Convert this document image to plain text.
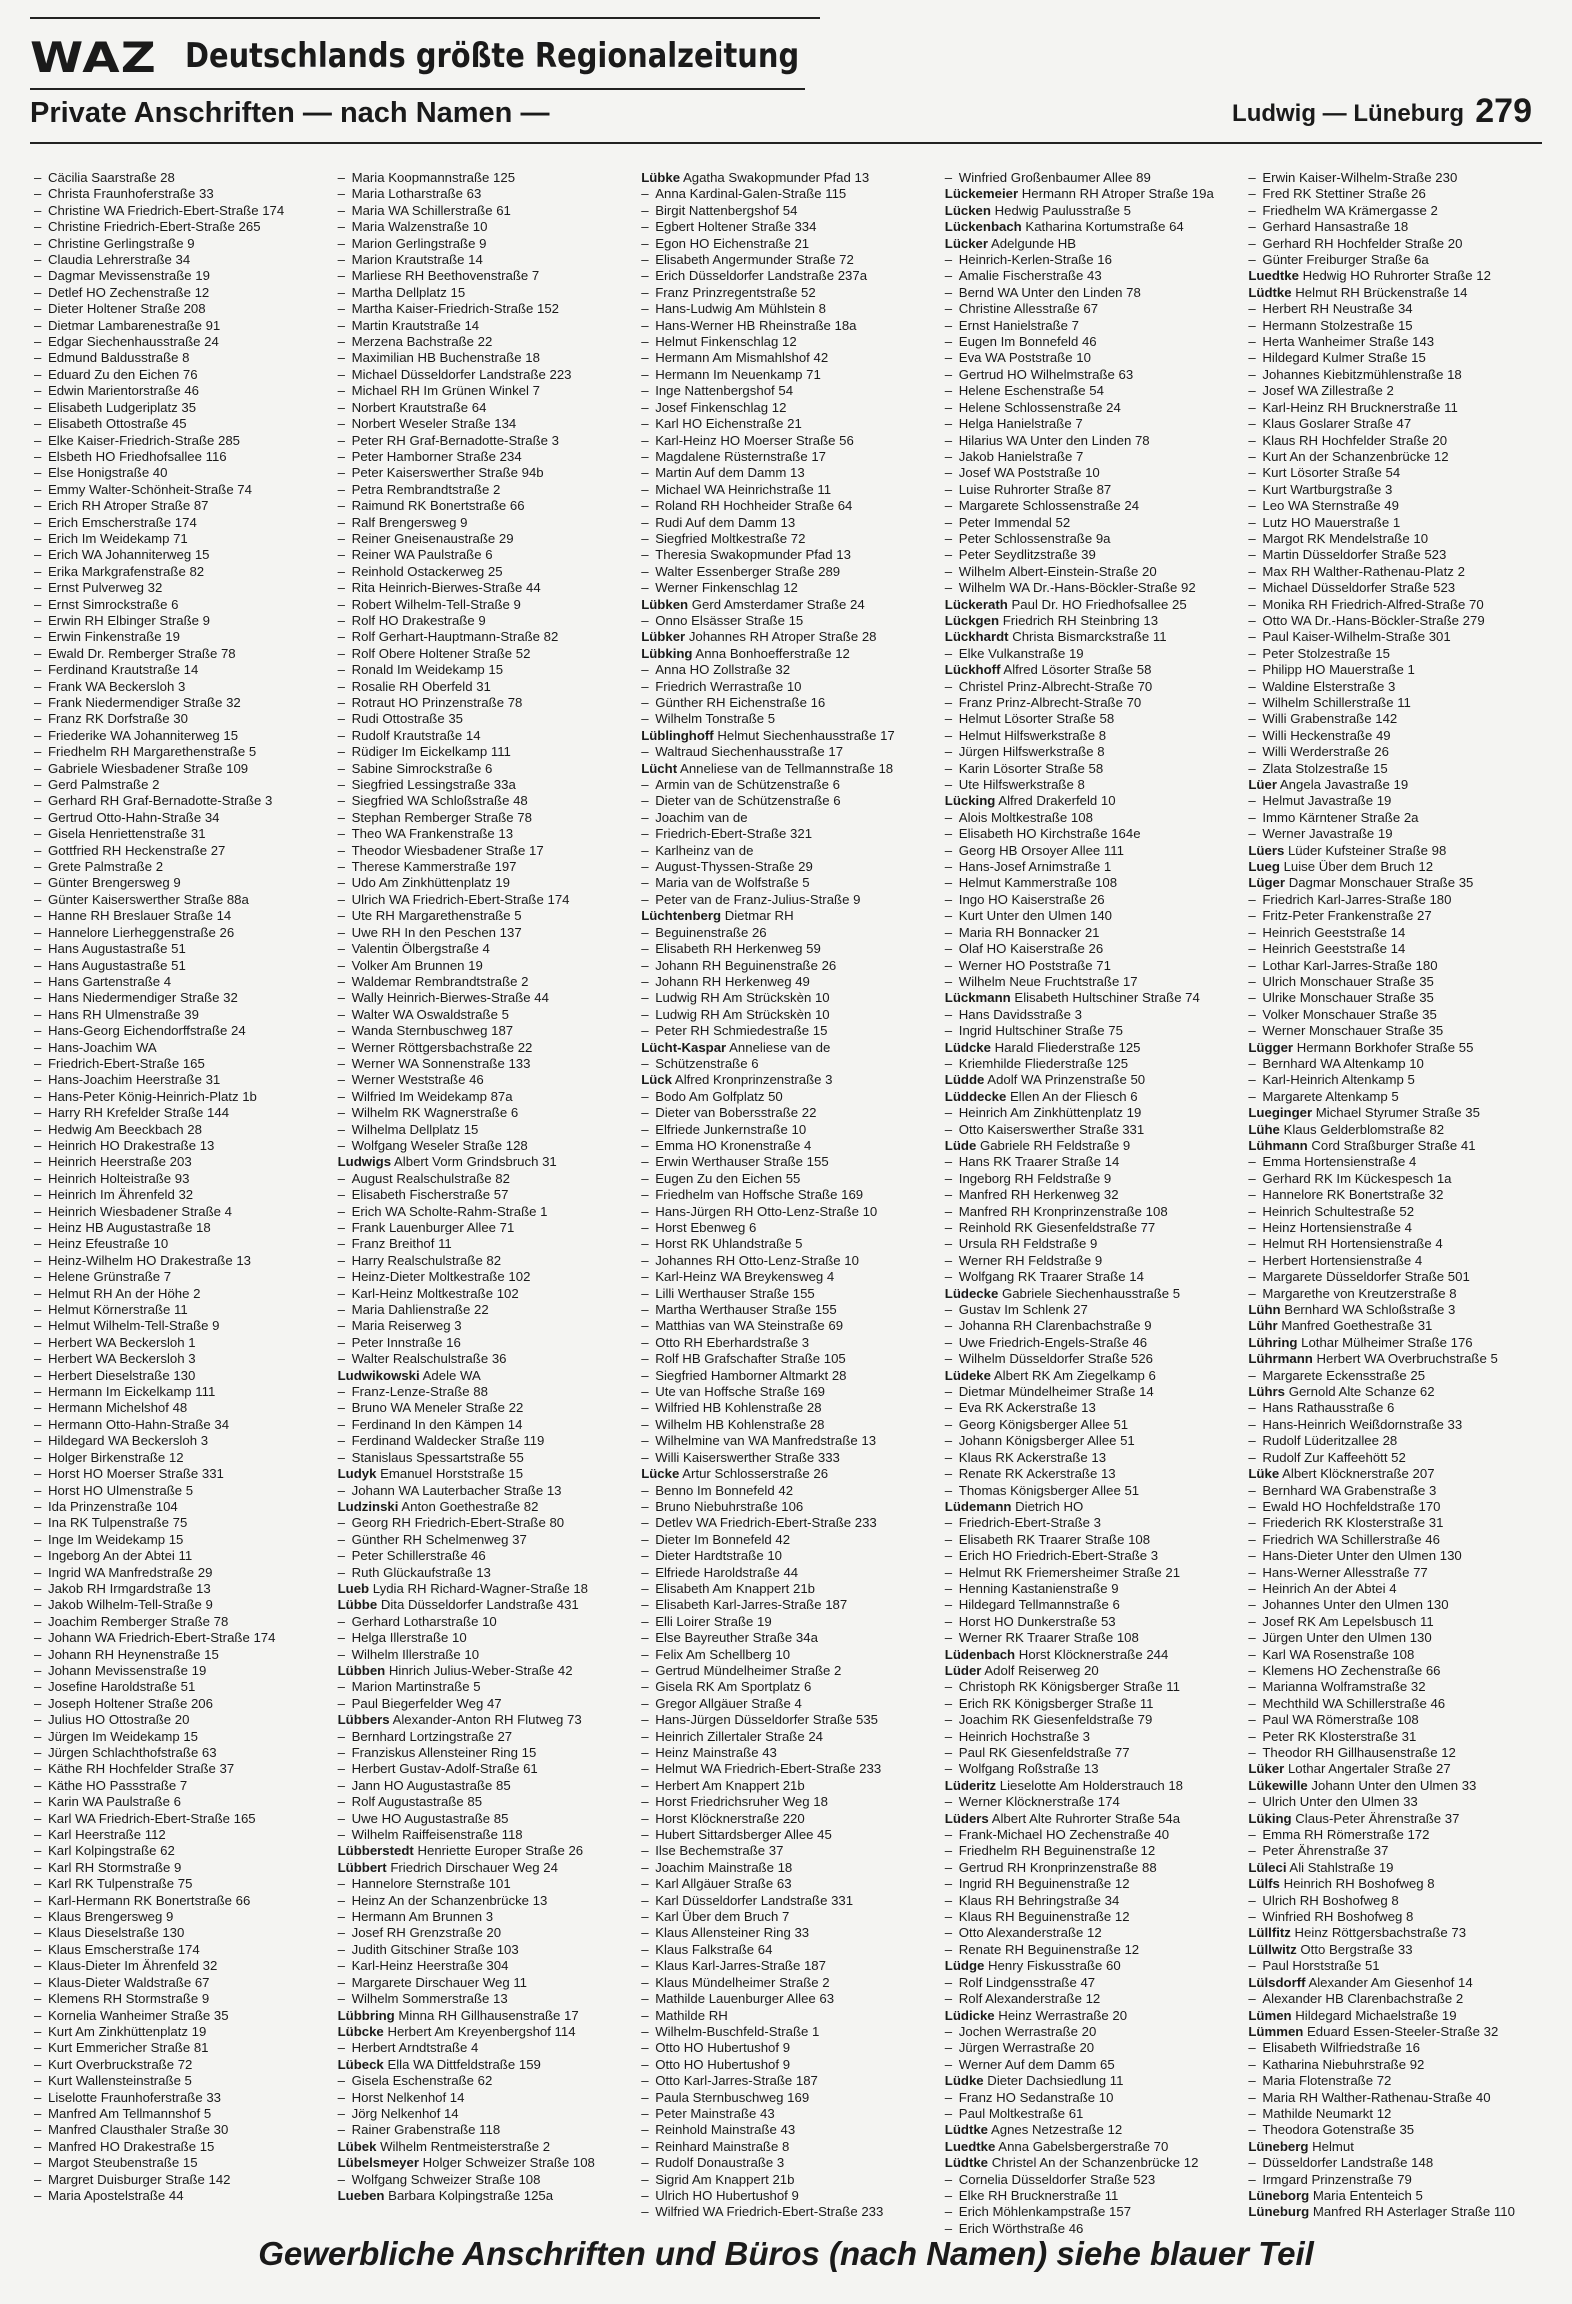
WAZ Deutschlands größte Regionalzeitung
Private Anschriften — nach Namen —	Ludwig — Lüneburg 279
– Cäcilia Saarstraße 28
– Christa Fraunhoferstraße 33
– Christine WA Friedrich-Ebert-Straße 174
– Christine Friedrich-Ebert-Straße 265
– Christine Gerlingstraße 9
– Claudia Lehrerstraße 34
– Dagmar Mevissenstraße 19
– Detlef HO Zechenstraße 12
– Dieter Holtener Straße 208
– Dietmar Lambarenestraße 91
– Edgar Siechenhausstraße 24
– Edmund Baldusstraße 8
– Eduard Zu den Eichen 76
– Edwin Marientorstraße 46
– Elisabeth Ludgeriplatz 35
– Elisabeth Ottostraße 45
– Elke Kaiser-Friedrich-Straße 285
– Elsbeth HO Friedhofsallee 116
– Else Honigstraße 40
– Emmy Walter-Schönheit-Straße 74
– Erich RH Atroper Straße 87
– Erich Emscherstraße 174
– Erich Im Weidekamp 71
– Erich WA Johanniterweg 15
– Erika Markgrafenstraße 82
– Ernst Pulverweg 32
– Ernst Simrockstraße 6
– Erwin RH Elbinger Straße 9
– Erwin Finkenstraße 19
– Ewald Dr. Remberger Straße 78
– Ferdinand Krautstraße 14
– Frank WA Beckersloh 3
– Frank Niedermendiger Straße 32
– Franz RK Dorfstraße 30
– Friederike WA Johanniterweg 15
– Friedhelm RH Margarethenstraße 5
– Gabriele Wiesbadener Straße 109
– Gerd Palmstraße 2
– Gerhard RH Graf-Bernadotte-Straße 3
– Gertrud Otto-Hahn-Straße 34
– Gisela Henriettenstraße 31
– Gottfried RH Heckenstraße 27
– Grete Palmstraße 2
– Günter Brengersweg 9
– Günter Kaiserswerther Straße 88a
– Hanne RH Breslauer Straße 14
– Hannelore Lierheggenstraße 26
– Hans Augustastraße 51
– Hans Augustastraße 51
– Hans Gartenstraße 4
– Hans Niedermendiger Straße 32
– Hans RH Ulmenstraße 39
– Hans-Georg Eichendorffstraße 24
– Hans-Joachim WA
– Friedrich-Ebert-Straße 165
– Hans-Joachim Heerstraße 31
– Hans-Peter König-Heinrich-Platz 1b
– Harry RH Krefelder Straße 144
– Hedwig Am Beeckbach 28
– Heinrich HO Drakestraße 13
– Heinrich Heerstraße 203
– Heinrich Holteistraße 93
– Heinrich Im Ährenfeld 32
– Heinrich Wiesbadener Straße 4
– Heinz HB Augustastraße 18
– Heinz Efeustraße 10
– Heinz-Wilhelm HO Drakestraße 13
– Helene Grünstraße 7
– Helmut RH An der Höhe 2
– Helmut Körnerstraße 11
– Helmut Wilhelm-Tell-Straße 9
– Herbert WA Beckersloh 1
– Herbert WA Beckersloh 3
– Herbert Dieselstraße 130
– Hermann Im Eickelkamp 111
– Hermann Michelshof 48
– Hermann Otto-Hahn-Straße 34
– Hildegard WA Beckersloh 3
– Holger Birkenstraße 12
– Horst HO Moerser Straße 331
– Horst HO Ulmenstraße 5
– Ida Prinzenstraße 104
– Ina RK Tulpenstraße 75
– Inge Im Weidekamp 15
– Ingeborg An der Abtei 11
– Ingrid WA Manfredstraße 29
– Jakob RH Irmgardstraße 13
– Jakob Wilhelm-Tell-Straße 9
– Joachim Remberger Straße 78
– Johann WA Friedrich-Ebert-Straße 174
– Johann RH Heynenstraße 15
– Johann Mevissenstraße 19
– Josefine Haroldstraße 51
– Joseph Holtener Straße 206
– Julius HO Ottostraße 20
– Jürgen Im Weidekamp 15
– Jürgen Schlachthofstraße 63
– Käthe RH Hochfelder Straße 37
– Käthe HO Passstraße 7
– Karin WA Paulstraße 6
– Karl WA Friedrich-Ebert-Straße 165
– Karl Heerstraße 112
– Karl Kolpingstraße 62
– Karl RH Stormstraße 9
– Karl RK Tulpenstraße 75
– Karl-Hermann RK Bonertstraße 66
– Klaus Brengersweg 9
– Klaus Dieselstraße 130
– Klaus Emscherstraße 174
– Klaus-Dieter Im Ährenfeld 32
– Klaus-Dieter Waldstraße 67
– Klemens RH Stormstraße 9
– Kornelia Wanheimer Straße 35
– Kurt Am Zinkhüttenplatz 19
– Kurt Emmericher Straße 81
– Kurt Overbruckstraße 72
– Kurt Wallensteinstraße 5
– Liselotte Fraunhoferstraße 33
– Manfred Am Tellmannshof 5
– Manfred Clausthaler Straße 30
– Manfred HO Drakestraße 15
– Margot Steubenstraße 15
– Margret Duisburger Straße 142
– Maria Apostelstraße 44
– Maria Koopmannstraße 125
– Maria Lotharstraße 63
– Maria WA Schillerstraße 61
– Maria Walzenstraße 10
– Marion Gerlingstraße 9
– Marion Krautstraße 14
– Marliese RH Beethovenstraße 7
– Martha Dellplatz 15
– Martha Kaiser-Friedrich-Straße 152
– Martin Krautstraße 14
– Merzena Bachstraße 22
– Maximilian HB Buchenstraße 18
– Michael Düsseldorfer Landstraße 223
– Michael RH Im Grünen Winkel 7
– Norbert Krautstraße 64
– Norbert Weseler Straße 134
– Peter RH Graf-Bernadotte-Straße 3
– Peter Hamborner Straße 234
– Peter Kaiserswerther Straße 94b
– Petra Rembrandtstraße 2
– Raimund RK Bonertstraße 66
– Ralf Brengersweg 9
– Reiner Gneisenaustraße 29
– Reiner WA Paulstraße 6
– Reinhold Ostackerweg 25
– Rita Heinrich-Bierwes-Straße 44
– Robert Wilhelm-Tell-Straße 9
– Rolf HO Drakestraße 9
– Rolf Gerhart-Hauptmann-Straße 82
– Rolf Obere Holtener Straße 52
– Ronald Im Weidekamp 15
– Rosalie RH Oberfeld 31
– Rotraut HO Prinzenstraße 78
– Rudi Ottostraße 35
– Rudolf Krautstraße 14
– Rüdiger Im Eickelkamp 111
– Sabine Simrockstraße 6
– Siegfried Lessingstraße 33a
– Siegfried WA Schloßstraße 48
– Stephan Remberger Straße 78
– Theo WA Frankenstraße 13
– Theodor Wiesbadener Straße 17
– Therese Kammerstraße 197
– Udo Am Zinkhüttenplatz 19
– Ulrich WA Friedrich-Ebert-Straße 174
– Ute RH Margarethenstraße 5
– Uwe RH In den Peschen 137
– Valentin Ölbergstraße 4
– Volker Am Brunnen 19
– Waldemar Rembrandtstraße 2
– Wally Heinrich-Bierwes-Straße 44
– Walter WA Oswaldstraße 5
– Wanda Sternbuschweg 187
– Werner Röttgersbachstraße 22
– Werner WA Sonnenstraße 133
– Werner Weststraße 46
– Wilfried Im Weidekamp 87a
– Wilhelm RK Wagnerstraße 6
– Wilhelma Dellplatz 15
– Wolfgang Weseler Straße 128
Ludwigs Albert Vorm Grindsbruch 31
– August Realschulstraße 82
– Elisabeth Fischerstraße 57
– Erich WA Scholte-Rahm-Straße 1
– Frank Lauenburger Allee 71
– Franz Breithof 11
– Harry Realschulstraße 82
– Heinz-Dieter Moltkestraße 102
– Karl-Heinz Moltkestraße 102
– Maria Dahlienstraße 22
– Maria Reiserweg 3
– Peter Innstraße 16
– Walter Realschulstraße 36
Ludwikowski Adele WA
– Franz-Lenze-Straße 88
– Bruno WA Meneler Straße 22
– Ferdinand In den Kämpen 14
– Ferdinand Waldecker Straße 119
– Stanislaus Spessartstraße 55
Ludyk Emanuel Horststraße 15
– Johann WA Lauterbacher Straße 13
Ludzinski Anton Goethestraße 82
– Georg RH Friedrich-Ebert-Straße 80
– Günther RH Schelmenweg 37
– Peter Schillerstraße 46
– Ruth Glückaufstraße 13
Lueb Lydia RH Richard-Wagner-Straße 18
Lübbe Dita Düsseldorfer Landstraße 431
– Gerhard Lotharstraße 10
– Helga Illerstraße 10
– Wilhelm Illerstraße 10
Lübben Hinrich Julius-Weber-Straße 42
– Marion Martinstraße 5
– Paul Biegerfelder Weg 47
Lübbers Alexander-Anton RH Flutweg 73
– Bernhard Lortzingstraße 27
– Franziskus Allensteiner Ring 15
– Herbert Gustav-Adolf-Straße 61
– Jann HO Augustastraße 85
– Rolf Augustastraße 85
– Uwe HO Augustastraße 85
– Wilhelm Raiffeisenstraße 118
Lübberstedt Henriette Europer Straße 26
Lübbert Friedrich Dirschauer Weg 24
– Hannelore Sternstraße 101
– Heinz An der Schanzenbrücke 13
– Hermann Am Brunnen 3
– Josef RH Grenzstraße 20
– Judith Gitschiner Straße 103
– Karl-Heinz Heerstraße 304
– Margarete Dirschauer Weg 11
– Wilhelm Sommerstraße 13
Lübbring Minna RH Gillhausenstraße 17
Lübcke Herbert Am Kreyenbergshof 114
– Herbert Arndtstraße 4
Lübeck Ella WA Dittfeldstraße 159
– Gisela Eschenstraße 62
– Horst Nelkenhof 14
– Jörg Nelkenhof 14
– Rainer Grabenstraße 118
Lübek Wilhelm Rentmeisterstraße 2
Lübelsmeyer Holger Schweizer Straße 108
– Wolfgang Schweizer Straße 108
Lueben Barbara Kolpingstraße 125a
Lübke Agatha Swakopmunder Pfad 13
– Anna Kardinal-Galen-Straße 115
– Birgit Nattenbergshof 54
– Egbert Holtener Straße 334
– Egon HO Eichenstraße 21
– Elisabeth Angermunder Straße 72
– Erich Düsseldorfer Landstraße 237a
– Franz Prinzregentstraße 52
– Hans-Ludwig Am Mühlstein 8
– Hans-Werner HB Rheinstraße 18a
– Helmut Finkenschlag 12
– Hermann Am Mismahlshof 42
– Hermann Im Neuenkamp 71
– Inge Nattenbergshof 54
– Josef Finkenschlag 12
– Karl HO Eichenstraße 21
– Karl-Heinz HO Moerser Straße 56
– Magdalene Rüsternstraße 17
– Martin Auf dem Damm 13
– Michael WA Heinrichstraße 11
– Roland RH Hochheider Straße 64
– Rudi Auf dem Damm 13
– Siegfried Moltkestraße 72
– Theresia Swakopmunder Pfad 13
– Walter Essenberger Straße 289
– Werner Finkenschlag 12
Lübken Gerd Amsterdamer Straße 24
– Onno Elsässer Straße 15
Lübker Johannes RH Atroper Straße 28
Lübking Anna Bonhoefferstraße 12
– Anna HO Zollstraße 32
– Friedrich Werrastraße 10
– Günther RH Eichenstraße 16
– Wilhelm Tonstraße 5
Lüblinghoff Helmut Siechenhausstraße 17
– Waltraud Siechenhausstraße 17
Lücht Anneliese van de Tellmannstraße 18
– Armin van de Schützenstraße 6
– Dieter van de Schützenstraße 6
– Joachim van de
– Friedrich-Ebert-Straße 321
– Karlheinz van de
– August-Thyssen-Straße 29
– Maria van de Wolfstraße 5
– Peter van de Franz-Julius-Straße 9
Lüchtenberg Dietmar RH
– Beguinenstraße 26
– Elisabeth RH Herkenweg 59
– Johann RH Beguinenstraße 26
– Johann RH Herkenweg 49
– Ludwig RH Am Strückskèn 10
– Ludwig RH Am Strückskèn 10
– Peter RH Schmiedestraße 15
Lücht-Kaspar Anneliese van de
– Schützenstraße 6
Lück Alfred Kronprinzenstraße 3
– Bodo Am Golfplatz 50
– Dieter van Bobersstraße 22
– Elfriede Junkernstraße 10
– Emma HO Kronenstraße 4
– Erwin Werthauser Straße 155
– Eugen Zu den Eichen 55
– Friedhelm van Hoffsche Straße 169
– Hans-Jürgen RH Otto-Lenz-Straße 10
– Horst Ebenweg 6
– Horst RK Uhlandstraße 5
– Johannes RH Otto-Lenz-Straße 10
– Karl-Heinz WA Breykensweg 4
– Lilli Werthauser Straße 155
– Martha Werthauser Straße 155
– Matthias van WA Steinstraße 69
– Otto RH Eberhardstraße 3
– Rolf HB Grafschafter Straße 105
– Siegfried Hamborner Altmarkt 28
– Ute van Hoffsche Straße 169
– Wilfried HB Kohlenstraße 28
– Wilhelm HB Kohlenstraße 28
– Wilhelmine van WA Manfredstraße 13
– Willi Kaiserswerther Straße 333
Lücke Artur Schlosserstraße 26
– Benno Im Bonnefeld 42
– Bruno Niebuhrstraße 106
– Detlev WA Friedrich-Ebert-Straße 233
– Dieter Im Bonnefeld 42
– Dieter Hardtstraße 10
– Elfriede Haroldstraße 44
– Elisabeth Am Knappert 21b
– Elisabeth Karl-Jarres-Straße 187
– Elli Loirer Straße 19
– Else Bayreuther Straße 34a
– Felix Am Schellberg 10
– Gertrud Mündelheimer Straße 2
– Gisela RK Am Sportplatz 6
– Gregor Allgäuer Straße 4
– Hans-Jürgen Düsseldorfer Straße 535
– Heinrich Zillertaler Straße 24
– Heinz Mainstraße 43
– Helmut WA Friedrich-Ebert-Straße 233
– Herbert Am Knappert 21b
– Horst Friedrichsruher Weg 18
– Horst Klöcknerstraße 220
– Hubert Sittardsberger Allee 45
– Ilse Bechemstraße 37
– Joachim Mainstraße 18
– Karl Allgäuer Straße 63
– Karl Düsseldorfer Landstraße 331
– Karl Über dem Bruch 7
– Klaus Allensteiner Ring 33
– Klaus Falkstraße 64
– Klaus Karl-Jarres-Straße 187
– Klaus Mündelheimer Straße 2
– Mathilde Lauenburger Allee 63
– Mathilde RH
– Wilhelm-Buschfeld-Straße 1
– Otto HO Hubertushof 9
– Otto HO Hubertushof 9
– Otto Karl-Jarres-Straße 187
– Paula Sternbuschweg 169
– Peter Mainstraße 43
– Reinhold Mainstraße 43
– Reinhard Mainstraße 8
– Rudolf Donaustraße 3
– Sigrid Am Knappert 21b
– Ulrich HO Hubertushof 9
– Wilfried WA Friedrich-Ebert-Straße 233
– Winfried Großenbaumer Allee 89
Lückemeier Hermann RH Atroper Straße 19a
Lücken Hedwig Paulusstraße 5
Lückenbach Katharina Kortumstraße 64
Lücker Adelgunde HB
– Heinrich-Kerlen-Straße 16
– Amalie Fischerstraße 43
– Bernd WA Unter den Linden 78
– Christine Allesstraße 67
– Ernst Hanielstraße 7
– Eugen Im Bonnefeld 46
– Eva WA Poststraße 10
– Gertrud HO Wilhelmstraße 63
– Helene Eschenstraße 54
– Helene Schlossenstraße 24
– Helga Hanielstraße 7
– Hilarius WA Unter den Linden 78
– Jakob Hanielstraße 7
– Josef WA Poststraße 10
– Luise Ruhrorter Straße 87
– Margarete Schlossenstraße 24
– Peter Immendal 52
– Peter Schlossenstraße 9a
– Peter Seydlitzstraße 39
– Wilhelm Albert-Einstein-Straße 20
– Wilhelm WA Dr.-Hans-Böckler-Straße 92
Lückerath Paul Dr. HO Friedhofsallee 25
Lückgen Friedrich RH Steinbring 13
Lückhardt Christa Bismarckstraße 11
– Elke Vulkanstraße 19
Lückhoff Alfred Lösorter Straße 58
– Christel Prinz-Albrecht-Straße 70
– Franz Prinz-Albrecht-Straße 70
– Helmut Lösorter Straße 58
– Helmut Hilfswerkstraße 8
– Jürgen Hilfswerkstraße 8
– Karin Lösorter Straße 58
– Ute Hilfswerkstraße 8
Lücking Alfred Drakerfeld 10
– Alois Moltkestraße 108
– Elisabeth HO Kirchstraße 164e
– Georg HB Orsoyer Allee 111
– Hans-Josef Arnimstraße 1
– Helmut Kammerstraße 108
– Ingo HO Kaiserstraße 26
– Kurt Unter den Ulmen 140
– Maria RH Bonnacker 21
– Olaf HO Kaiserstraße 26
– Werner HO Poststraße 71
– Wilhelm Neue Fruchtstraße 17
Lückmann Elisabeth Hultschiner Straße 74
– Hans Davidsstraße 3
– Ingrid Hultschiner Straße 75
Lüdcke Harald Fliederstraße 125
– Kriemhilde Fliederstraße 125
Lüdde Adolf WA Prinzenstraße 50
Lüddecke Ellen An der Fliesch 6
– Heinrich Am Zinkhüttenplatz 19
– Otto Kaiserswerther Straße 331
Lüde Gabriele RH Feldstraße 9
– Hans RK Traarer Straße 14
– Ingeborg RH Feldstraße 9
– Manfred RH Herkenweg 32
– Manfred RH Kronprinzenstraße 108
– Reinhold RK Giesenfeldstraße 77
– Ursula RH Feldstraße 9
– Werner RH Feldstraße 9
– Wolfgang RK Traarer Straße 14
Lüdecke Gabriele Siechenhausstraße 5
– Gustav Im Schlenk 27
– Johanna RH Clarenbachstraße 9
– Uwe Friedrich-Engels-Straße 46
– Wilhelm Düsseldorfer Straße 526
Lüdeke Albert RK Am Ziegelkamp 6
– Dietmar Mündelheimer Straße 14
– Eva RK Ackerstraße 13
– Georg Königsberger Allee 51
– Johann Königsberger Allee 51
– Klaus RK Ackerstraße 13
– Renate RK Ackerstraße 13
– Thomas Königsberger Allee 51
Lüdemann Dietrich HO
– Friedrich-Ebert-Straße 3
– Elisabeth RK Traarer Straße 108
– Erich HO Friedrich-Ebert-Straße 3
– Helmut RK Friemersheimer Straße 21
– Henning Kastanienstraße 9
– Hildegard Tellmannstraße 6
– Horst HO Dunkerstraße 53
– Werner RK Traarer Straße 108
Lüdenbach Horst Klöcknerstraße 244
Lüder Adolf Reiserweg 20
– Christoph RK Königsberger Straße 11
– Erich RK Königsberger Straße 11
– Joachim RK Giesenfeldstraße 79
– Heinrich Hochstraße 3
– Paul RK Giesenfeldstraße 77
– Wolfgang Roßstraße 13
Lüderitz Lieselotte Am Holderstrauch 18
– Werner Klöcknerstraße 174
Lüders Albert Alte Ruhrorter Straße 54a
– Frank-Michael HO Zechenstraße 40
– Friedhelm RH Beguinenstraße 12
– Gertrud RH Kronprinzenstraße 88
– Ingrid RH Beguinenstraße 12
– Klaus RH Behringstraße 34
– Klaus RH Beguinenstraße 12
– Otto Alexanderstraße 12
– Renate RH Beguinenstraße 12
Lüdge Henry Fiskusstraße 60
– Rolf Lindgensstraße 47
– Rolf Alexanderstraße 12
Lüdicke Heinz Werrastraße 20
– Jochen Werrastraße 20
– Jürgen Werrastraße 20
– Werner Auf dem Damm 65
Lüdke Dieter Dachsiedlung 11
– Franz HO Sedanstraße 10
– Paul Moltkestraße 61
Lüdtke Agnes Netzestraße 12
Luedtke Anna Gabelsbergerstraße 70
Lüdtke Christel An der Schanzenbrücke 12
– Cornelia Düsseldorfer Straße 523
– Elke RH Brucknerstraße 11
– Erich Möhlenkampstraße 157
– Erich Wörthstraße 46
– Erwin Kaiser-Wilhelm-Straße 230
– Fred RK Stettiner Straße 26
– Friedhelm WA Krämergasse 2
– Gerhard Hansastraße 18
– Gerhard RH Hochfelder Straße 20
– Günter Freiburger Straße 6a
Luedtke Hedwig HO Ruhrorter Straße 12
Lüdtke Helmut RH Brückenstraße 14
– Herbert RH Neustraße 34
– Hermann Stolzestraße 15
– Herta Wanheimer Straße 143
– Hildegard Kulmer Straße 15
– Johannes Kiebitzmühlenstraße 18
– Josef WA Zillestraße 2
– Karl-Heinz RH Brucknerstraße 11
– Klaus Goslarer Straße 47
– Klaus RH Hochfelder Straße 20
– Kurt An der Schanzenbrücke 12
– Kurt Lösorter Straße 54
– Kurt Wartburgstraße 3
– Leo WA Sternstraße 49
– Lutz HO Mauerstraße 1
– Margot RK Mendelstraße 10
– Martin Düsseldorfer Straße 523
– Max RH Walther-Rathenau-Platz 2
– Michael Düsseldorfer Straße 523
– Monika RH Friedrich-Alfred-Straße 70
– Otto WA Dr.-Hans-Böckler-Straße 279
– Paul Kaiser-Wilhelm-Straße 301
– Peter Stolzestraße 15
– Philipp HO Mauerstraße 1
– Waldine Elsterstraße 3
– Wilhelm Schillerstraße 11
– Willi Grabenstraße 142
– Willi Heckenstraße 49
– Willi Werderstraße 26
– Zlata Stolzestraße 15
Lüer Angela Javastraße 19
– Helmut Javastraße 19
– Immo Kärntener Straße 2a
– Werner Javastraße 19
Lüers Lüder Kufsteiner Straße 98
Lueg Luise Über dem Bruch 12
Lüger Dagmar Monschauer Straße 35
– Friedrich Karl-Jarres-Straße 180
– Fritz-Peter Frankenstraße 27
– Heinrich Geeststraße 14
– Heinrich Geeststraße 14
– Lothar Karl-Jarres-Straße 180
– Ulrich Monschauer Straße 35
– Ulrike Monschauer Straße 35
– Volker Monschauer Straße 35
– Werner Monschauer Straße 35
Lügger Hermann Borkhofer Straße 55
– Bernhard WA Altenkamp 10
– Karl-Heinrich Altenkamp 5
– Margarete Altenkamp 5
Lueginger Michael Styrumer Straße 35
Lühe Klaus Gelderblomstraße 82
Lühmann Cord Straßburger Straße 41
– Emma Hortensienstraße 4
– Gerhard RK Im Kückespesch 1a
– Hannelore RK Bonertstraße 32
– Heinrich Schultestraße 52
– Heinz Hortensienstraße 4
– Helmut RH Hortensienstraße 4
– Herbert Hortensienstraße 4
– Margarete Düsseldorfer Straße 501
– Margarethe von Kreutzerstraße 8
Lühn Bernhard WA Schloßstraße 3
Lühr Manfred Goethestraße 31
Lühring Lothar Mülheimer Straße 176
Lührmann Herbert WA Overbruchstraße 5
– Margarete Eckensstraße 25
Lührs Gernold Alte Schanze 62
– Hans Rathausstraße 6
– Hans-Heinrich Weißdornstraße 33
– Rudolf Lüderitzallee 28
– Rudolf Zur Kaffeehött 52
Lüke Albert Klöcknerstraße 207
– Bernhard WA Grabenstraße 3
– Ewald HO Hochfeldstraße 170
– Friederich RK Klosterstraße 31
– Friedrich WA Schillerstraße 46
– Hans-Dieter Unter den Ulmen 130
– Hans-Werner Allesstraße 77
– Heinrich An der Abtei 4
– Johannes Unter den Ulmen 130
– Josef RK Am Lepelsbusch 11
– Jürgen Unter den Ulmen 130
– Karl WA Rosenstraße 108
– Klemens HO Zechenstraße 66
– Marianna Wolframstraße 32
– Mechthild WA Schillerstraße 46
– Paul WA Römerstraße 108
– Peter RK Klosterstraße 31
– Theodor RH Gillhausenstraße 12
Lüker Lothar Angertaler Straße 27
Lükewille Johann Unter den Ulmen 33
– Ulrich Unter den Ulmen 33
Lüking Claus-Peter Ährenstraße 37
– Emma RH Römerstraße 172
– Peter Ährenstraße 37
Lüleci Ali Stahlstraße 19
Lülfs Heinrich RH Boshofweg 8
– Ulrich RH Boshofweg 8
– Winfried RH Boshofweg 8
Lüllfitz Heinz Röttgersbachstraße 73
Lüllwitz Otto Bergstraße 33
– Paul Horststraße 51
Lülsdorff Alexander Am Giesenhof 14
– Alexander HB Clarenbachstraße 2
Lümen Hildegard Michaelstraße 19
Lümmen Eduard Essen-Steeler-Straße 32
– Elisabeth Wilfriedstraße 16
– Katharina Niebuhrstraße 92
– Maria Flotenstraße 72
– Maria RH Walther-Rathenau-Straße 40
– Mathilde Neumarkt 12
– Theodora Gotenstraße 35
Lüneberg Helmut
– Düsseldorfer Landstraße 148
– Irmgard Prinzenstraße 79
Lüneborg Maria Ententeich 5
Lüneburg Manfred RH Asterlager Straße 110
Gewerbliche Anschriften und Büros (nach Namen) siehe blauer Teil
